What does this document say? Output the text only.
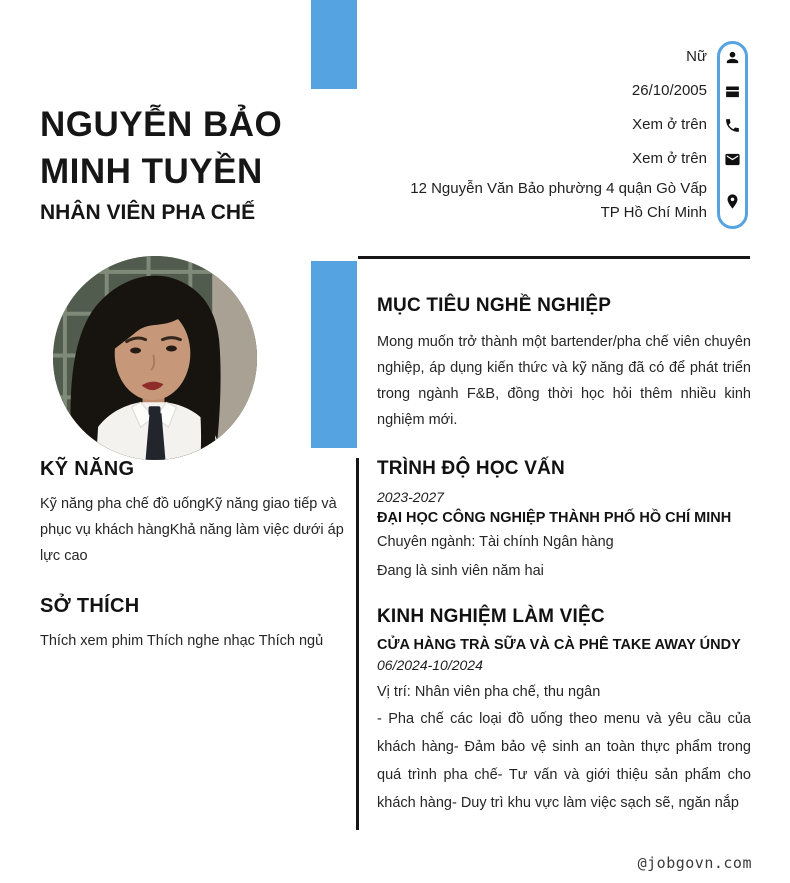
NGUYỄN BẢO
MINH TUYỀN
NHÂN VIÊN PHA CHẾ
Nữ
26/10/2005
Xem ở trên
Xem ở trên
12 Nguyễn Văn Bảo phường 4 quận Gò Vấp TP Hồ Chí Minh
KỸ NĂNG
Kỹ năng pha chế đồ uốngKỹ năng giao tiếp và phục vụ khách hàngKhả năng làm việc dưới áp lực cao
SỞ THÍCH
Thích xem phim Thích nghe nhạc Thích ngủ
MỤC TIÊU NGHỀ NGHIỆP
Mong muốn trở thành một bartender/pha chế viên chuyên nghiệp, áp dụng kiến thức và kỹ năng đã có để phát triển trong ngành F&B, đồng thời học hỏi thêm nhiều kinh nghiệm mới.
TRÌNH ĐỘ HỌC VẤN
2023-2027
ĐẠI HỌC CÔNG NGHIỆP THÀNH PHỐ HỒ CHÍ MINH
Chuyên ngành: Tài chính Ngân hàng
Đang là sinh viên năm hai
KINH NGHIỆM LÀM VIỆC
CỬA HÀNG TRÀ SỮA VÀ CÀ PHÊ TAKE AWAY ÚNDY
06/2024-10/2024
Vị trí: Nhân viên pha chế, thu ngân
- Pha chế các loại đồ uống theo menu và yêu cầu của khách hàng- Đảm bảo vệ sinh an toàn thực phẩm trong quá trình pha chế- Tư vấn và giới thiệu sản phẩm cho khách hàng- Duy trì khu vực làm việc sạch sẽ, ngăn nắp
@jobgovn.com
